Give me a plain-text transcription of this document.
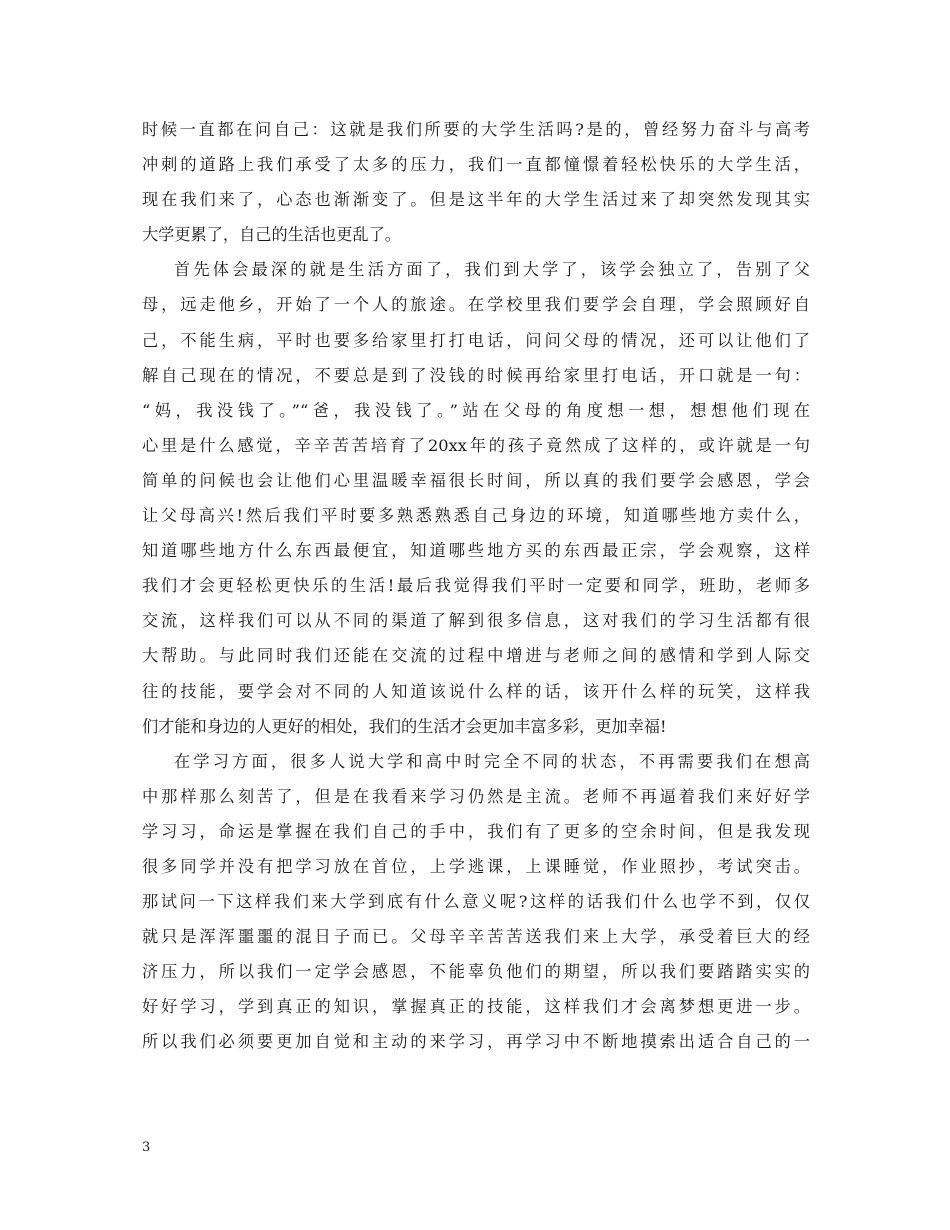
时候一直都在问自己：这就是我们所要的大学生活吗?是的，曾经努力奋斗与高考
冲刺的道路上我们承受了太多的压力，我们一直都憧憬着轻松快乐的大学生活，
现在我们来了，心态也渐渐变了。但是这半年的大学生活过来了却突然发现其实
大学更累了，自己的生活也更乱了。
首先体会最深的就是生活方面了，我们到大学了，该学会独立了，告别了父
母，远走他乡，开始了一个人的旅途。在学校里我们要学会自理，学会照顾好自
己，不能生病，平时也要多给家里打打电话，问问父母的情况，还可以让他们了
解自己现在的情况，不要总是到了没钱的时候再给家里打电话，开口就是一句：
“妈，我没钱了。”“爸，我没钱了。”站在父母的角度想一想，想想他们现在
心里是什么感觉，辛辛苦苦培育了20xx年的孩子竟然成了这样的，或许就是一句
简单的问候也会让他们心里温暖幸福很长时间，所以真的我们要学会感恩，学会
让父母高兴!然后我们平时要多熟悉熟悉自己身边的环境，知道哪些地方卖什么，
知道哪些地方什么东西最便宜，知道哪些地方买的东西最正宗，学会观察，这样
我们才会更轻松更快乐的生活!最后我觉得我们平时一定要和同学，班助，老师多
交流，这样我们可以从不同的渠道了解到很多信息，这对我们的学习生活都有很
大帮助。与此同时我们还能在交流的过程中增进与老师之间的感情和学到人际交
往的技能，要学会对不同的人知道该说什么样的话，该开什么样的玩笑，这样我
们才能和身边的人更好的相处，我们的生活才会更加丰富多彩，更加幸福!
在学习方面，很多人说大学和高中时完全不同的状态，不再需要我们在想高
中那样那么刻苦了，但是在我看来学习仍然是主流。老师不再逼着我们来好好学
学习习，命运是掌握在我们自己的手中，我们有了更多的空余时间，但是我发现
很多同学并没有把学习放在首位，上学逃课，上课睡觉，作业照抄，考试突击。
那试问一下这样我们来大学到底有什么意义呢?这样的话我们什么也学不到，仅仅
就只是浑浑噩噩的混日子而已。父母辛辛苦苦送我们来上大学，承受着巨大的经
济压力，所以我们一定学会感恩，不能辜负他们的期望，所以我们要踏踏实实的
好好学习，学到真正的知识，掌握真正的技能，这样我们才会离梦想更进一步。
所以我们必须要更加自觉和主动的来学习，再学习中不断地摸索出适合自己的一
3
